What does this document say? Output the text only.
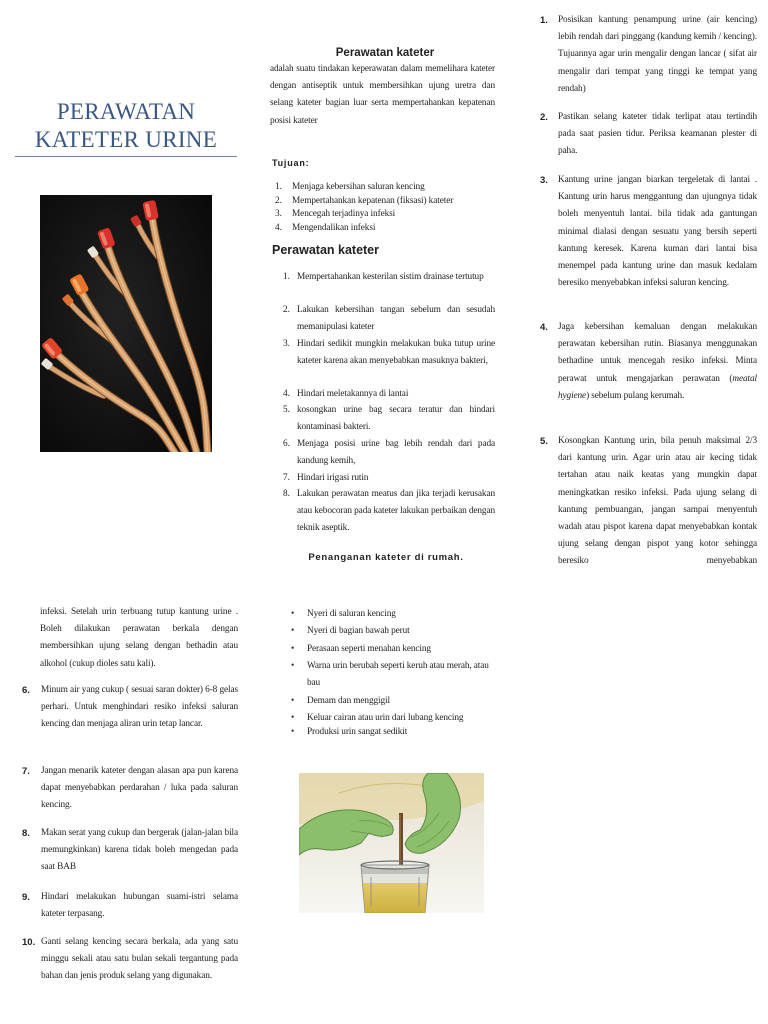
PERAWATAN
KATETER URINE
Perawatan kateter

adalah suatu tindakan keperawatan dalam memelihara kateter dengan antiseptik untuk membersihkan ujung uretra dan selang kateter bagian luar serta mempertahankan kepatenan posisi kateter

Tujuan:
1. Menjaga kebersihan saluran kencing

2. Mempertahankan kepatenan (fiksasi) kateter

3. Mencegah terjadinya infeksi

4. Mengendalikan infeksi

Perawatan kateter
1. Mempertahankan kesterilan sistim drainase tertutup

2. Lakukan kebersihan tangan sebelum dan sesudah memanipulasi kateter

3. Hindari sedikit mungkin melakukan buka tutup urine kateter karena akan menyebabkan masuknya bakteri,

4. Hindari meletakannya di lantai

5. kosongkan urine bag secara teratur dan hindari kontaminasi bakteri.

6. Menjaga posisi urine bag lebih rendah dari pada kandung kemih,

7. Hindari irigasi rutin

8. Lakukan perawatan meatus dan jika terjadi kerusakan atau kebocoran pada kateter lakukan perbaikan dengan teknik aseptik.

Penanganan kateter di rumah.
1. Posisikan kantung penampung urine (air kencing) lebih rendah dari pinggang (kandung kemih / kencing). Tujuannya agar urin mengalir dengan lancar ( sifat air mengalir dari tempat yang tinggi ke tempat yang rendah)

2. Pastikan selang kateter tidak terlipat atau tertindih pada saat pasien tidur. Periksa keamanan plester di paha.

3. Kantung urine jangan biarkan tergeletak di lantai . Kantung urin harus menggantung dan ujungnya tidak boleh menyentuh lantai. bila tidak ada gantungan minimal dialasi dengan sesuatu yang bersih seperti kantung keresek. Karena kuman dari lantai bisa menempel pada kantung urine dan masuk kedalam beresiko menyebabkan infeksi saluran kencing.

4. Jaga kebersihan kemaluan dengan melakukan perawatan kebersihan rutin. Biasanya menggunakan bethadine untuk mencegah resiko infeksi. Minta perawat untuk mengajarkan perawatan (meatal hygiene) sebelum pulang kerumah.

5. Kosongkan Kantung urin, bila penuh maksimal 2/3 dari kantung urin. Agar urin atau air kecing tidak tertahan atau naik keatas yang mungkin dapat meningkatkan resiko infeksi. Pada ujung selang di kantung pembuangan, jangan sampai menyentuh wadah atau pispot karena dapat menyebabkan kontak ujung selang dengan pispot yang kotor sehingga beresiko menyebabkan

infeksi. Setelah urin terbuang tutup kantung urine . Boleh dilakukan perawatan berkala dengan membersihkan ujung selang dengan bethadin atau alkohol (cukup dioles satu kali).

6. Minum air yang cukup ( sesuai saran dokter) 6-8 gelas perhari. Untuk menghindari resiko infeksi saluran kencing dan menjaga aliran urin tetap lancar.

7. Jangan menarik kateter dengan alasan apa pun karena dapat menyebabkan perdarahan / luka pada saluran kencing.

8. Makan serat yang cukup dan bergerak (jalan-jalan bila memungkinkan) karena tidak boleh mengedan pada saat BAB

9. Hindari melakukan hubungan suami-istri selama kateter terpasang.

10. Ganti selang kencing secara berkala, ada yang satu minggu sekali atau satu bulan sekali tergantung pada bahan dan jenis produk selang yang digunakan.

• Nyeri di saluran kencing

• Nyeri di bagian bawah perut

• Perasaan seperti menahan kencing

• Warna urin berubah seperti keruh atau merah, atau bau

• Demam dan menggigil

• Keluar cairan atau urin dari lubang kencing

• Produksi urin sangat sedikit
